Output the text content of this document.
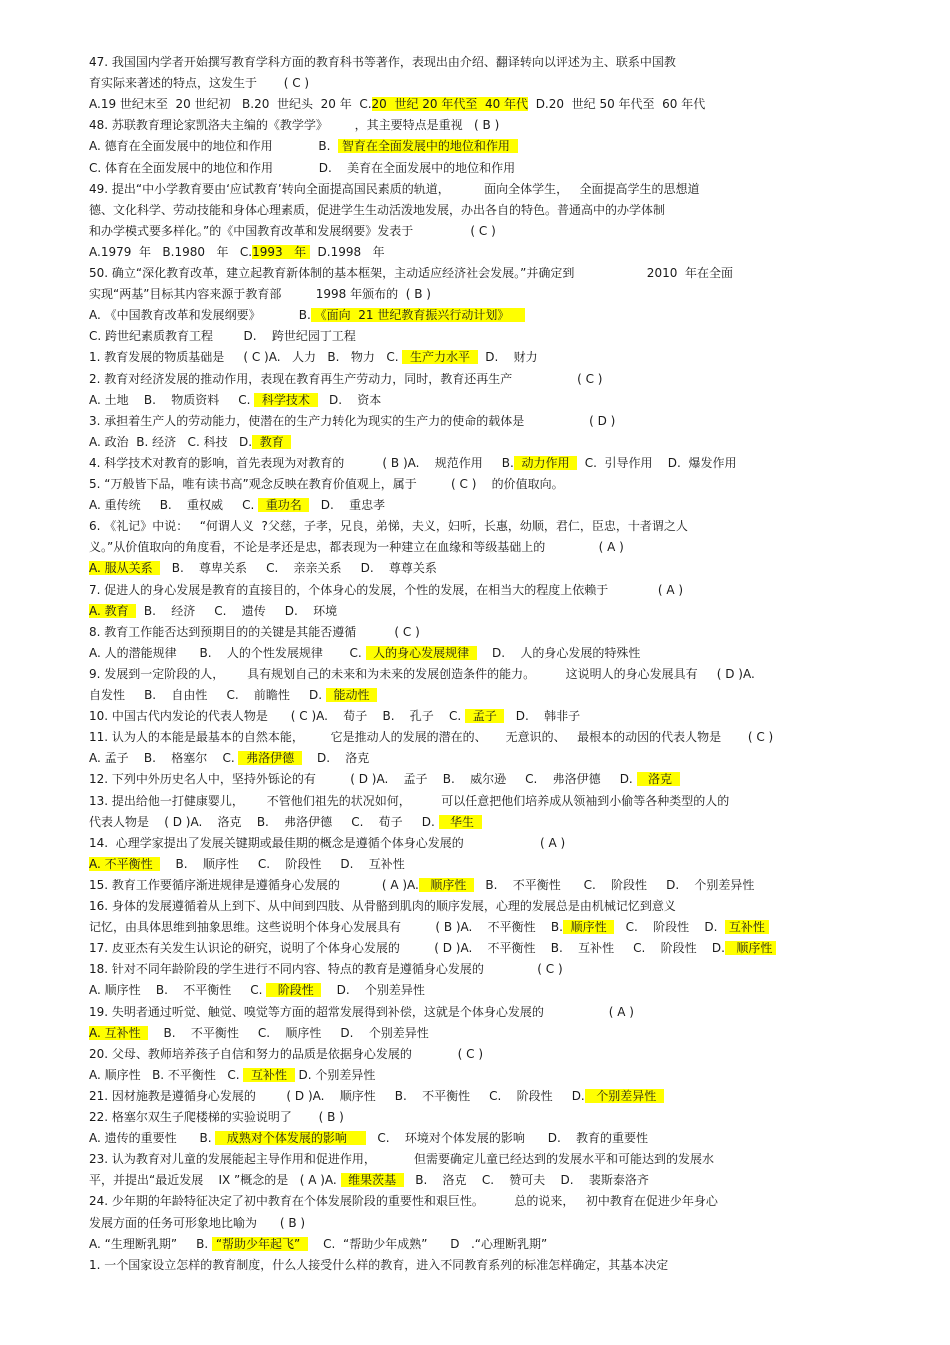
47. 我国国内学者开始撰写教育学科方面的教育科书等著作，表现出由介绍、翻译转向以评述为主、联系中国教
育实际来著述的特点，这发生于       ( C )
A.19 世纪末至  20 世纪初   B.20  世纪头  20 年  C.20  世纪 20 年代至  40 年代  D.20  世纪 50 年代至  60 年代
48. 苏联教育理论家凯洛夫主编的《教学学》       ，其主要特点是重视   ( B )
A. 德育在全面发展中的地位和作用            B.   智育在全面发展中的地位和作用
C. 体育在全面发展中的地位和作用            D.    美育在全面发展中的地位和作用
49. 提出“中小学教育要由‘应试教育’转向全面提高国民素质的轨道，         面向全体学生，   全面提高学生的思想道
德、文化科学、劳动技能和身体心理素质，促进学生生动活泼地发展，办出各自的特色。普通高中的办学体制
和办学模式要多样化。”的《中国教育改革和发展纲要》发表于               ( C )
A.1979  年   B.1980   年   C.1993   年   D.1998   年
50. 确立“深化教育改革，建立起教育新体制的基本框架，主动适应经济社会发展。”并确定到                   2010  年在全面
实现“两基”目标其内容来源于教育部         1998 年颁布的  ( B )
A. 《中国教育改革和发展纲要》          B. 《面向  21 世纪教育振兴行动计划》
C. 跨世纪素质教育工程        D.    跨世纪园丁工程
1. 教育发展的物质基础是     ( C )A.   人力   B.   物力   C.   生产力水平    D.    财力
2. 教育对经济发展的推动作用，表现在教育再生产劳动力，同时，教育还再生产                 ( C )
A. 土地    B.    物质资料     C.   科学技术     D.    资本
3. 承担着生产人的劳动能力，使潜在的生产力转化为现实的生产力的使命的载体是                 ( D )
A. 政治  B. 经济   C. 科技   D.  教育
4. 科学技术对教育的影响，首先表现为对教育的          ( B )A.    规范作用     B.  动力作用    C.  引导作用    D.  爆发作用
5. “万般皆下品，唯有读书高”观念反映在教育价值观上，属于         ( C )    的价值取向。
A. 重传统     B.    重权威     C.   重功名     D.    重忠孝
6. 《礼记》中说：   “何谓人义  ?父慈，子孝，兄良，弟悌，夫义，妇听，长惠，幼顺，君仁，臣忠，十者谓之人
义。”从价值取向的角度看，不论是孝还是忠，都表现为一种建立在血缘和等级基础上的              ( A )
A. 服从关系     B.    尊卑关系     C.    亲亲关系     D.    尊尊关系
7. 促进人的身心发展是教育的直接目的，个体身心的发展，个性的发展，在相当大的程度上依赖于             ( A )
A. 教育    B.    经济     C.    遗传     D.    环境
8. 教育工作能否达到预期目的的关键是其能否遵循          ( C )
A. 人的潜能规律      B.    人的个性发展规律       C.   人的身心发展规律      D.    人的身心发展的特殊性
9. 发展到一定阶段的人，      具有规划自己的未来和为未来的发展创造条件的能力。        这说明人的身心发展具有     ( D )A.
自发性     B.    自由性     C.    前瞻性     D.   能动性
10. 中国古代内发论的代表人物是      ( C )A.    荀子    B.    孔子    C.   孟子     D.    韩非子
11. 认为人的本能是最基本的自然本能，       它是推动人的发展的潜在的、     无意识的、   最根本的动因的代表人物是       ( C )
A. 孟子    B.    格塞尔    C.   弗洛伊德      D.    洛克
12. 下列中外历史名人中，坚持外铄论的有         ( D )A.    孟子    B.    威尔逊     C.    弗洛伊德     D.    洛克
13. 提出给他一打健康婴儿，      不管他们祖先的状况如何，        可以任意把他们培养成从领袖到小偷等各种类型的人的
代表人物是    ( D )A.    洛克    B.    弗洛伊德     C.    荀子     D.    华生
14.  心理学家提出了发展关键期或最佳期的概念是遵循个体身心发展的                    ( A )
A. 不平衡性      B.    顺序性     C.    阶段性     D.    互补性
15. 教育工作要循序渐进规律是遵循身心发展的           ( A )A.   顺序性     B.    不平衡性      C.    阶段性     D.    个别差异性
16. 身体的发展遵循着从上到下、从中间到四肢、从骨骼到肌肉的顺序发展，心理的发展总是由机械记忆到意义
记忆，由具体思维到抽象思维。这些说明个体身心发展具有         ( B )A.    不平衡性    B.  顺序性     C.    阶段性    D.   互补性
17. 皮亚杰有关发生认识论的研究，说明了个体身心发展的         ( D )A.    不平衡性    B.    互补性     C.    阶段性    D.   顺序性
18. 针对不同年龄阶段的学生进行不同内容、特点的教育是遵循身心发展的              ( C )
A. 顺序性    B.    不平衡性     C.    阶段性      D.    个别差异性
19. 失明者通过听觉、触觉、嗅觉等方面的超常发展得到补偿，这就是个体身心发展的                 ( A )
A. 互补性      B.    不平衡性     C.    顺序性     D.    个别差异性
20. 父母、教师培养孩子自信和努力的品质是依据身心发展的            ( C )
A. 顺序性   B. 不平衡性   C.   互补性   D. 个别差异性
21. 因材施教是遵循身心发展的        ( D )A.    顺序性     B.    不平衡性     C.    阶段性     D.   个别差异性
22. 格塞尔双生子爬楼梯的实验说明了       ( B )
A. 遗传的重要性      B.    成熟对个体发展的影响        C.    环境对个体发展的影响      D.    教育的重要性
23. 认为教育对儿童的发展能起主导作用和促进作用，          但需要确定儿童已经达到的发展水平和可能达到的发展水
平，并提出“最近发展    IX ”概念的是   ( A )A.   维果茨基     B.    洛克    C.    赞可夫    D.    裴斯泰洛齐
24. 少年期的年龄特征决定了初中教育在个体发展阶段的重要性和艰巨性。        总的说来，   初中教育在促进少年身心
发展方面的任务可形象地比喻为      ( B )
A. “生理断乳期”     B.  “帮助少年起飞”      C.  “帮助少年成熟”      D   .“心理断乳期”
1. 一个国家设立怎样的教育制度，什么人接受什么样的教育，进入不同教育系列的标准怎样确定，其基本决定
